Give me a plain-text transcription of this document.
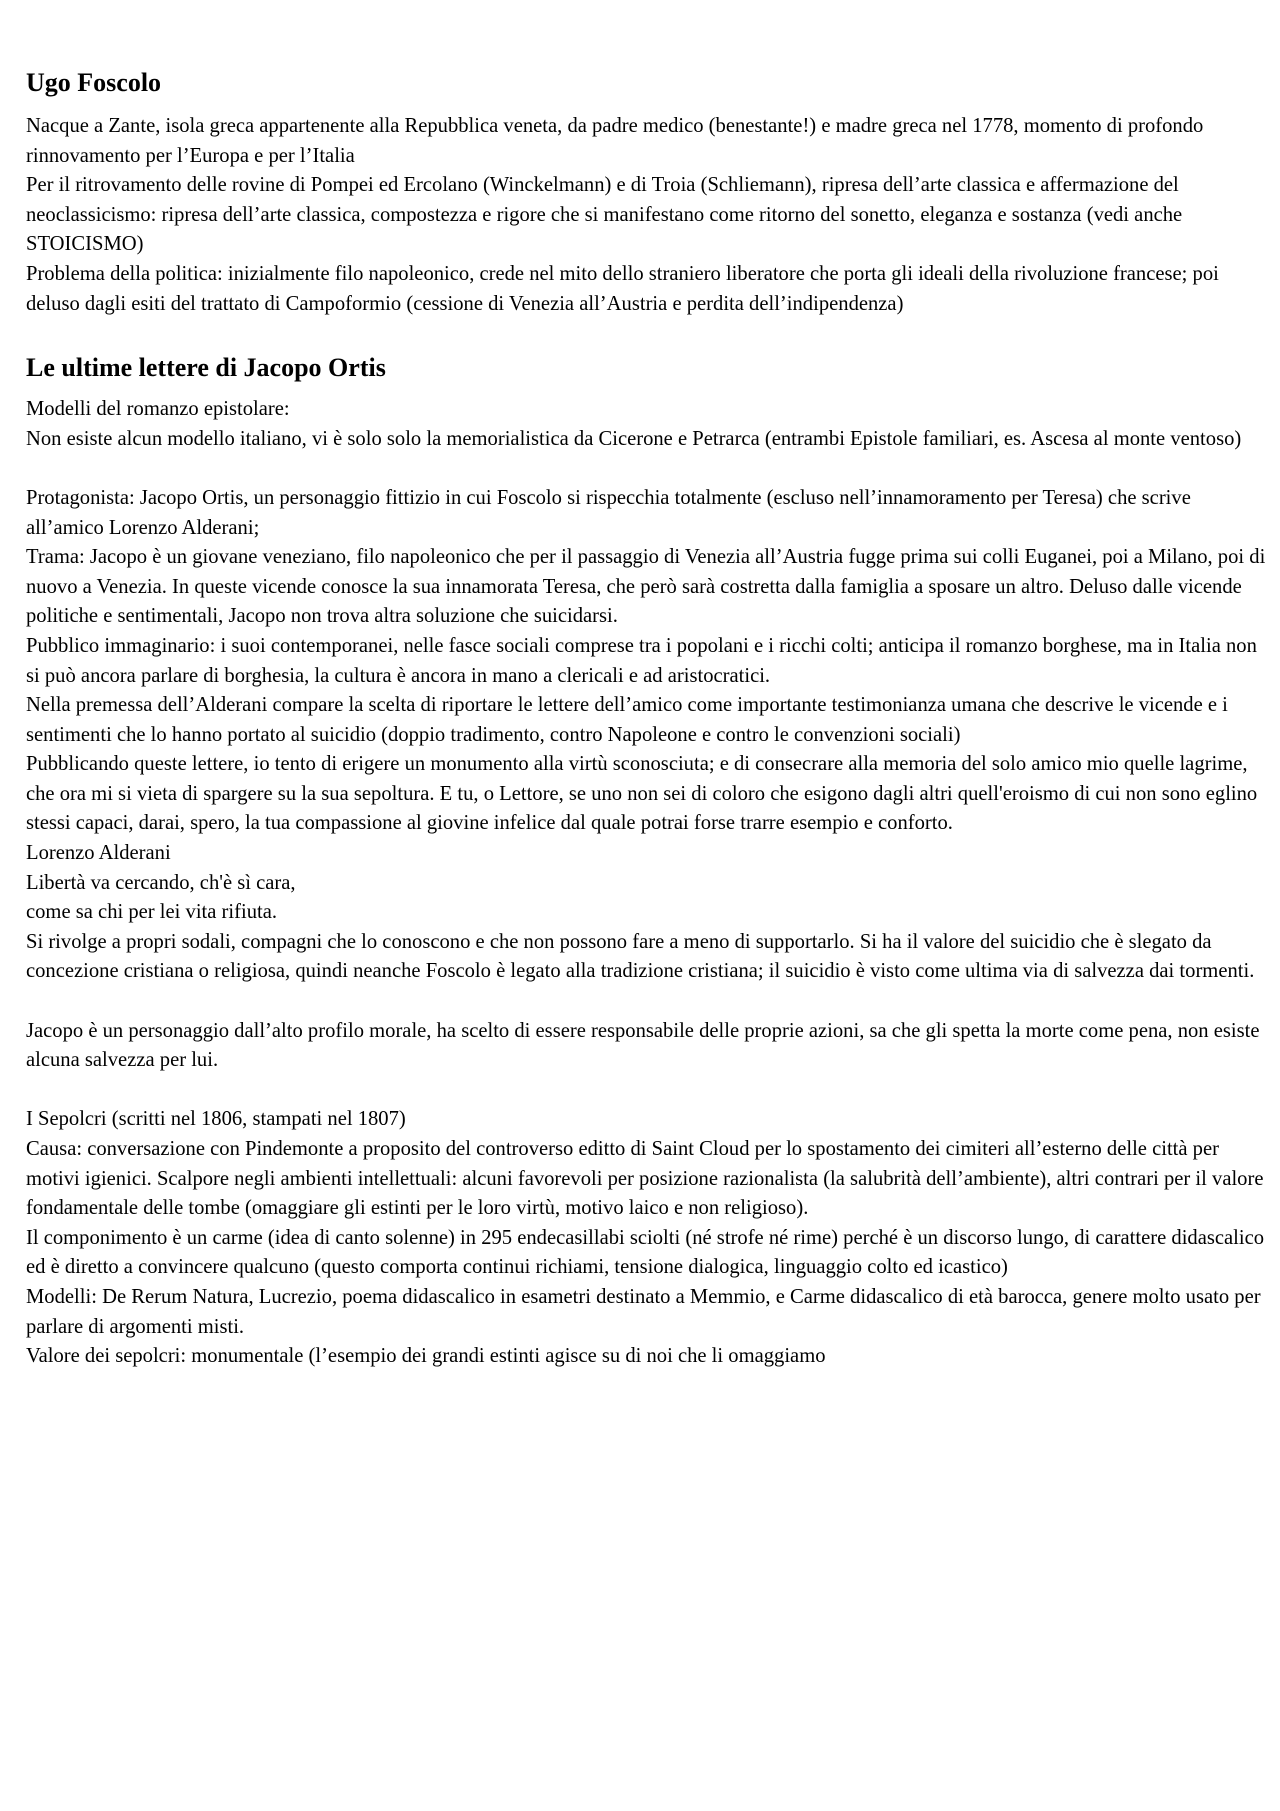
Ugo Foscolo

Nacque a Zante, isola greca appartenente alla Repubblica veneta, da padre medico (benestante!) e madre greca nel 1778, momento di profondo rinnovamento per l’Europa e per l’Italia

Per il ritrovamento delle rovine di Pompei ed Ercolano (Winckelmann) e di Troia (Schliemann), ripresa dell’arte classica e affermazione del neoclassicismo: ripresa dell’arte classica, compostezza e rigore che si manifestano come ritorno del sonetto, eleganza e sostanza (vedi anche STOICISMO)

Problema della politica: inizialmente filo napoleonico, crede nel mito dello straniero liberatore che porta gli ideali della rivoluzione francese; poi deluso dagli esiti del trattato di Campoformio (cessione di Venezia all’Austria e perdita dell’indipendenza)

Le ultime lettere di Jacopo Ortis

Modelli del romanzo epistolare:

Non esiste alcun modello italiano, vi è solo solo la memorialistica da Cicerone e Petrarca (entrambi Epistole familiari, es. Ascesa al monte ventoso)

Protagonista: Jacopo Ortis, un personaggio fittizio in cui Foscolo si rispecchia totalmente (escluso nell’innamoramento per Teresa) che scrive all’amico Lorenzo Alderani;

Trama: Jacopo è un giovane veneziano, filo napoleonico che per il passaggio di Venezia all’Austria fugge prima sui colli Euganei, poi a Milano, poi di nuovo a Venezia. In queste vicende conosce la sua innamorata Teresa, che però sarà costretta dalla famiglia a sposare un altro. Deluso dalle vicende politiche e sentimentali, Jacopo non trova altra soluzione che suicidarsi.

Pubblico immaginario: i suoi contemporanei, nelle fasce sociali comprese tra i popolani e i ricchi colti; anticipa il romanzo borghese, ma in Italia non si può ancora parlare di borghesia, la cultura è ancora in mano a clericali e ad aristocratici.

Nella premessa dell’Alderani compare la scelta di riportare le lettere dell’amico come importante testimonianza umana che descrive le vicende e i sentimenti che lo hanno portato al suicidio (doppio tradimento, contro Napoleone e contro le convenzioni sociali)

Pubblicando queste lettere, io tento di erigere un monumento alla virtù sconosciuta; e di consecrare alla memoria del solo amico mio quelle lagrime, che ora mi si vieta di spargere su la sua sepoltura. E tu, o Lettore, se uno non sei di coloro che esigono dagli altri quell'eroismo di cui non sono eglino stessi capaci, darai, spero, la tua compassione al giovine infelice dal quale potrai forse trarre esempio e conforto.

Lorenzo Alderani

Libertà va cercando, ch'è sì cara,

come sa chi per lei vita rifiuta.

Si rivolge a propri sodali, compagni che lo conoscono e che non possono fare a meno di supportarlo. Si ha il valore del suicidio che è slegato da concezione cristiana o religiosa, quindi neanche Foscolo è legato alla tradizione cristiana; il suicidio è visto come ultima via di salvezza dai tormenti.

Jacopo è un personaggio dall’alto profilo morale, ha scelto di essere responsabile delle proprie azioni, sa che gli spetta la morte come pena, non esiste alcuna salvezza per lui.

I Sepolcri (scritti nel 1806, stampati nel 1807)

Causa: conversazione con Pindemonte a proposito del controverso editto di Saint Cloud per lo spostamento dei cimiteri all’esterno delle città per motivi igienici. Scalpore negli ambienti intellettuali: alcuni favorevoli per posizione razionalista (la salubrità dell’ambiente), altri contrari per il valore fondamentale delle tombe (omaggiare gli estinti per le loro virtù, motivo laico e non religioso).

Il componimento è un carme (idea di canto solenne) in 295 endecasillabi sciolti (né strofe né rime) perché è un discorso lungo, di carattere didascalico ed è diretto a convincere qualcuno (questo comporta continui richiami, tensione dialogica, linguaggio colto ed icastico)

Modelli: De Rerum Natura, Lucrezio, poema didascalico in esametri destinato a Memmio, e Carme didascalico di età barocca, genere molto usato per parlare di argomenti misti.

Valore dei sepolcri: monumentale (l’esempio dei grandi estinti agisce su di noi che li omaggiamo
